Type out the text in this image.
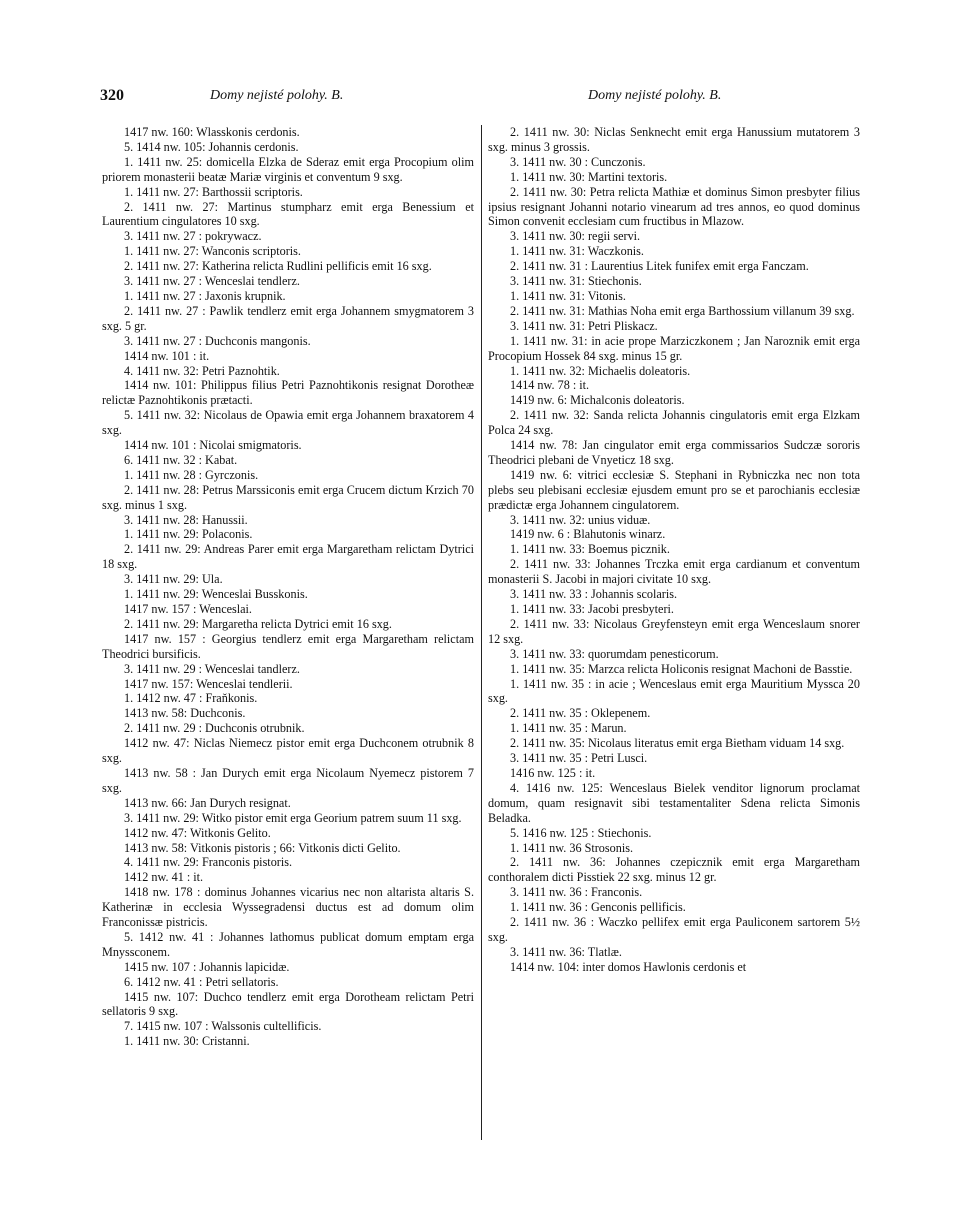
320	Domy nejisté polohy. B.	Domy nejisté polohy. B.

1417 nw. 160: Wlasskonis cerdonis.

5. 1414 nw. 105: Johannis cerdonis.

1. 1411 nw. 25: domicella Elzka de Sderaz emit erga Procopium olim priorem monasterii beatæ Mariæ virginis et conventum 9 sxg.

1. 1411 nw. 27: Barthossii scriptoris.

2. 1411 nw. 27: Martinus stumpharz emit erga Benessium et Laurentium cingulatores 10 sxg.

3. 1411 nw. 27 : pokrywacz.

1. 1411 nw. 27: Wanconis scriptoris.

2. 1411 nw. 27: Katherina relicta Rudlini pellificis emit 16 sxg.

3. 1411 nw. 27 : Wenceslai tendlerz.

1. 1411 nw. 27 : Jaxonis krupnik.

2. 1411 nw. 27 : Pawlik tendlerz emit erga Johannem smygmatorem 3 sxg. 5 gr.

3. 1411 nw. 27 : Duchconis mangonis.

1414 nw. 101 : it.

4. 1411 nw. 32: Petri Paznohtik.

1414 nw. 101: Philippus filius Petri Paznohtikonis resignat Dorotheæ relictæ Paznohtikonis prætacti.

5. 1411 nw. 32: Nicolaus de Opawia emit erga Johannem braxatorem 4 sxg.

1414 nw. 101 : Nicolai smigmatoris.

6. 1411 nw. 32 : Kabat.

1. 1411 nw. 28 : Gyrczonis.

2. 1411 nw. 28: Petrus Marssiconis emit erga Crucem dictum Krzich 70 sxg. minus 1 sxg.

3. 1411 nw. 28: Hanussii.

1. 1411 nw. 29: Polaconis.

2. 1411 nw. 29: Andreas Parer emit erga Margaretham relictam Dytrici 18 sxg.

3. 1411 nw. 29: Ula.

1. 1411 nw. 29: Wenceslai Busskonis.

1417 nw. 157 : Wenceslai.

2. 1411 nw. 29: Margaretha relicta Dytrici emit 16 sxg.

1417 nw. 157 : Georgius tendlerz emit erga Margaretham relictam Theodrici bursificis.

3. 1411 nw. 29 : Wenceslai tandlerz.

1417 nw. 157: Wenceslai tendlerii.

1. 1412 nw. 47 : Fraňkonis.

1413 nw. 58: Duchconis.

2. 1411 nw. 29 : Duchconis otrubnik.

1412 nw. 47: Niclas Niemecz pistor emit erga Duchconem otrubnik 8 sxg.

1413 nw. 58 : Jan Durych emit erga Nicolaum Nyemecz pistorem 7 sxg.

1413 nw. 66: Jan Durych resignat.

3. 1411 nw. 29: Witko pistor emit erga Georium patrem suum 11 sxg.

1412 nw. 47: Witkonis Gelito.

1413 nw. 58: Vitkonis pistoris ; 66: Vitkonis dicti Gelito.

4. 1411 nw. 29: Franconis pistoris.

1412 nw. 41 : it.

1418 nw. 178 : dominus Johannes vicarius nec non altarista altaris S. Katherinæ in ecclesia Wyssegradensi ductus est ad domum olim Franconissæ pistricis.

5. 1412 nw. 41 : Johannes lathomus publicat domum emptam erga Mnyssconem.

1415 nw. 107 : Johannis lapicidæ.

6. 1412 nw. 41 : Petri sellatoris.

1415 nw. 107: Duchco tendlerz emit erga Dorotheam relictam Petri sellatoris 9 sxg.

7. 1415 nw. 107 : Walssonis cultellificis.

1. 1411 nw. 30: Cristanni.

2. 1411 nw. 30: Niclas Senknecht emit erga Hanussium mutatorem 3 sxg. minus 3 grossis.

3. 1411 nw. 30 : Cunczonis.

1. 1411 nw. 30: Martini textoris.

2. 1411 nw. 30: Petra relicta Mathiæ et dominus Simon presbyter filius ipsius resignant Johanni notario vinearum ad tres annos, eo quod dominus Simon convenit ecclesiam cum fructibus in Mlazow.

3. 1411 nw. 30: regii servi.

1. 1411 nw. 31: Waczkonis.

2. 1411 nw. 31 : Laurentius Litek funifex emit erga Fanczam.

3. 1411 nw. 31: Stiechonis.

1. 1411 nw. 31: Vitonis.

2. 1411 nw. 31: Mathias Noha emit erga Barthossium villanum 39 sxg.

3. 1411 nw. 31: Petri Pliskacz.

1. 1411 nw. 31: in acie prope Marziczkonem ; Jan Naroznik emit erga Procopium Hossek 84 sxg. minus 15 gr.

1. 1411 nw. 32: Michaelis doleatoris.

1414 nw. 78 : it.

1419 nw. 6: Michalconis doleatoris.

2. 1411 nw. 32: Sanda relicta Johannis cingulatoris emit erga Elzkam Polca 24 sxg.

1414 nw. 78: Jan cingulator emit erga commissarios Sudczæ sororis Theodrici plebani de Vnyeticz 18 sxg.

1419 nw. 6: vitrici ecclesiæ S. Stephani in Rybniczka nec non tota plebs seu plebisani ecclesiæ ejusdem emunt pro se et parochianis ecclesiæ prædictæ erga Johannem cingulatorem.

3. 1411 nw. 32: unius viduæ.

1419 nw. 6 : Blahutonis winarz.

1. 1411 nw. 33: Boemus picznik.

2. 1411 nw. 33: Johannes Trczka emit erga cardianum et conventum monasterii S. Jacobi in majori civitate 10 sxg.

3. 1411 nw. 33 : Johannis scolaris.

1. 1411 nw. 33: Jacobi presbyteri.

2. 1411 nw. 33: Nicolaus Greyfensteyn emit erga Wenceslaum snorer 12 sxg.

3. 1411 nw. 33: quorumdam penesticorum.

1. 1411 nw. 35: Marzca relicta Holiconis resignat Machoni de Basstie.

1. 1411 nw. 35 : in acie ; Wenceslaus emit erga Mauritium Myssca 20 sxg.

2. 1411 nw. 35 : Oklepenem.

1. 1411 nw. 35 : Marun.

2. 1411 nw. 35: Nicolaus literatus emit erga Bietham viduam 14 sxg.

3. 1411 nw. 35 : Petri Lusci.

1416 nw. 125 : it.

4. 1416 nw. 125: Wenceslaus Bielek venditor lignorum proclamat domum, quam resignavit sibi testamentaliter Sdena relicta Simonis Beladka.

5. 1416 nw. 125 : Stiechonis.

1. 1411 nw. 36 Strosonis.

2. 1411 nw. 36: Johannes czepicznik emit erga Margaretham conthoralem dicti Pisstiek 22 sxg. minus 12 gr.

3. 1411 nw. 36 : Franconis.

1. 1411 nw. 36 : Genconis pellificis.

2. 1411 nw. 36 : Waczko pellifex emit erga Pauliconem sartorem 5½ sxg.

3. 1411 nw. 36: Tlatlæ.

1414 nw. 104: inter domos Hawlonis cerdonis et
